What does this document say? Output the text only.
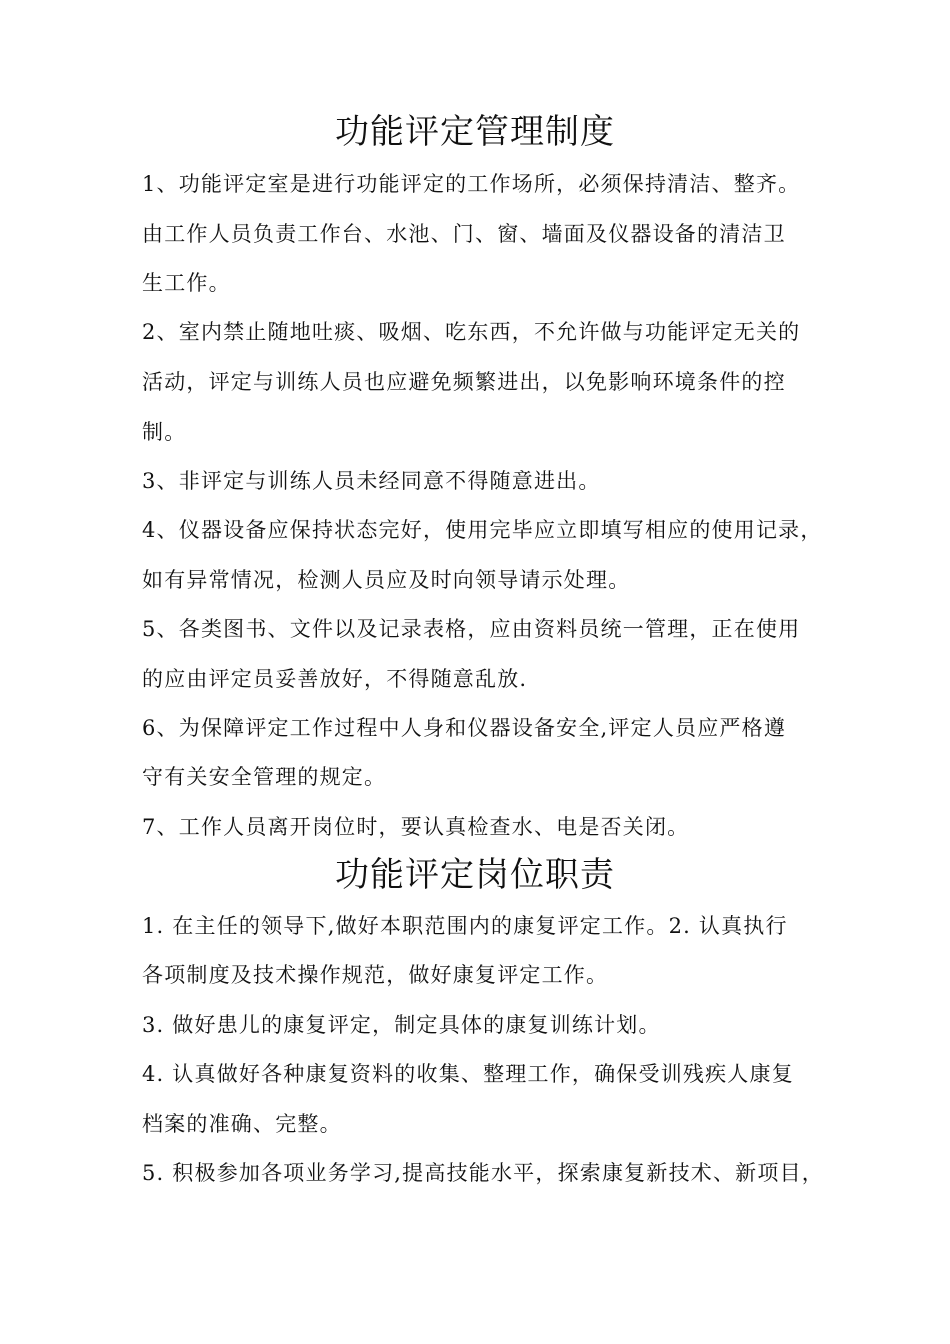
功能评定管理制度
1、功能评定室是进行功能评定的工作场所，必须保持清洁、整齐。
由工作人员负责工作台、水池、门、窗、墙面及仪器设备的清洁卫
生工作。
2、室内禁止随地吐痰、吸烟、吃东西，不允许做与功能评定无关的
活动，评定与训练人员也应避免频繁进出，以免影响环境条件的控
制。
3、非评定与训练人员未经同意不得随意进出。
4、仪器设备应保持状态完好，使用完毕应立即填写相应的使用记录，
如有异常情况，检测人员应及时向领导请示处理。
5、各类图书、文件以及记录表格，应由资料员统一管理，正在使用
的应由评定员妥善放好，不得随意乱放.
6、为保障评定工作过程中人身和仪器设备安全,评定人员应严格遵
守有关安全管理的规定。
7、工作人员离开岗位时，要认真检查水、电是否关闭。
功能评定岗位职责
1. 在主任的领导下,做好本职范围内的康复评定工作。2. 认真执行
各项制度及技术操作规范，做好康复评定工作。
3. 做好患儿的康复评定，制定具体的康复训练计划。
4. 认真做好各种康复资料的收集、整理工作，确保受训残疾人康复
档案的准确、完整。
5. 积极参加各项业务学习,提高技能水平，探索康复新技术、新项目，
